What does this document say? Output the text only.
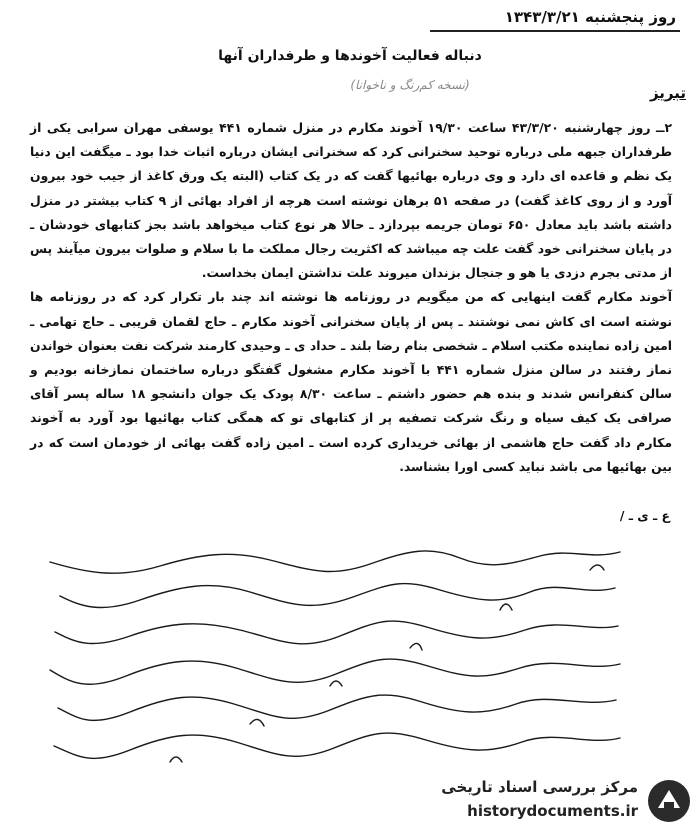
روز پنجشنبه ۱۳۴۳/۳/۲۱
دنباله فعالیت آخوندها و طرفداران آنها
(نسخه کم‌رنگ و ناخوانا)	تبریز

۲ــ روز چهارشنبه ۴۳/۳/۲۰ ساعت ۱۹/۳۰ آخوند مکارم در منزل شماره ۴۴۱ یوسفی مهران سرابی یکی از طرفداران جبهه ملی درباره توحید سخنرانی کرد که سخنرانی ایشان درباره اثبات خدا بود ـ میگفت این دنیا یک نظم و قاعده ای دارد و وی درباره بهائیها گفت که در یک کتاب (البته یک ورق کاغذ از جیب خود بیرون آورد و از روی کاغذ گفت) در صفحه ۵۱ برهان نوشته است هرچه از افراد بهائی از ۹ کتاب بیشتر در منزل داشته باشد باید معادل ۶۵۰ تومان جریمه بپردازد ـ حالا هر نوع کتاب میخواهد باشد بجز کتابهای خودشان ـ در پایان سخنرانی خود گفت علت چه میباشد که اکثریت رجال مملکت ما با سلام و صلوات بیرون میآیند پس از مدتی بجرم دزدی یا هو و جنجال بزندان میروند علت نداشتن ایمان بخداست.

آخوند مکارم گفت اینهایی که من میگویم در روزنامه ها نوشته اند چند بار تکرار کرد که در روزنامه ها نوشته است ای کاش نمی نوشتند ـ پس از پایان سخنرانی آخوند مکارم ـ حاج لقمان قریبی ـ حاج تهامی ـ امین زاده نماینده مکتب اسلام ـ شخصی بنام رضا بلند ـ حداد ی ـ وحیدی کارمند شرکت نفت بعنوان خواندن نماز رفتند در سالن منزل شماره ۴۴۱ با آخوند مکارم مشغول گفتگو درباره ساختمان نمازخانه بودیم و سالن کنفرانس شدند و بنده هم حضور داشتم ـ ساعت ۸/۳۰ پودک یک جوان دانشجو ۱۸ ساله پسر آقای صرافی یک کیف سیاه و رنگ شرکت تصفیه پر از کتابهای تو که همگی کتاب بهائیها بود آورد به آخوند مکارم داد گفت حاج هاشمی از بهائی خریداری کرده است ـ امین زاده گفت بهائی از خودمان است که در بین بهائیها می باشد نباید کسی اورا بشناسد.

ع ـ ی ـ /
مرکز بررسی اسناد تاریخی
historydocuments.ir
